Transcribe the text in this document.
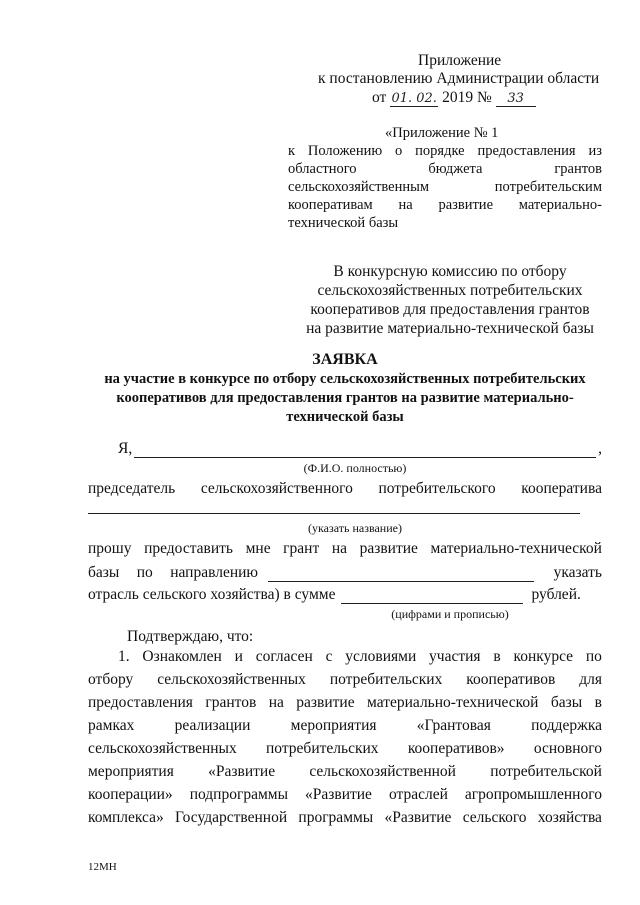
Приложение
к постановлению Администрации области
от 01. 02. 2019 № 33
«Приложение № 1
к Положению о порядке предоставления из
областного	бюджета	грантов
сельскохозяйственным	потребительским
кооперативам на развитие материально-
технической базы
В конкурсную комиссию по отбору
сельскохозяйственных потребительских
кооперативов для предоставления грантов
на развитие материально-технической базы
ЗАЯВКА
на участие в конкурсе по отбору сельскохозяйственных потребительских
кооперативов для предоставления грантов на развитие материально-
технической базы
Я,	,
(Ф.И.О. полностью)
председатель сельскохозяйственного потребительского кооператива
(указать название)
прошу предоставить мне грант на развитие материально-технической
базы по направлению	указать
отрасль сельского хозяйства) в сумме	рублей.
(цифрами и прописью)
Подтверждаю, что:
1. Ознакомлен и согласен с условиями участия в конкурсе по
отбору сельскохозяйственных потребительских кооперативов для
предоставления грантов на развитие материально-технической базы в
рамках	реализации	мероприятия	«Грантовая	поддержка
сельскохозяйственных потребительских кооперативов» основного
мероприятия «Развитие сельскохозяйственной потребительской
кооперации» подпрограммы «Развитие отраслей агропромышленного
комплекса» Государственной программы «Развитие сельского хозяйства
12МН
